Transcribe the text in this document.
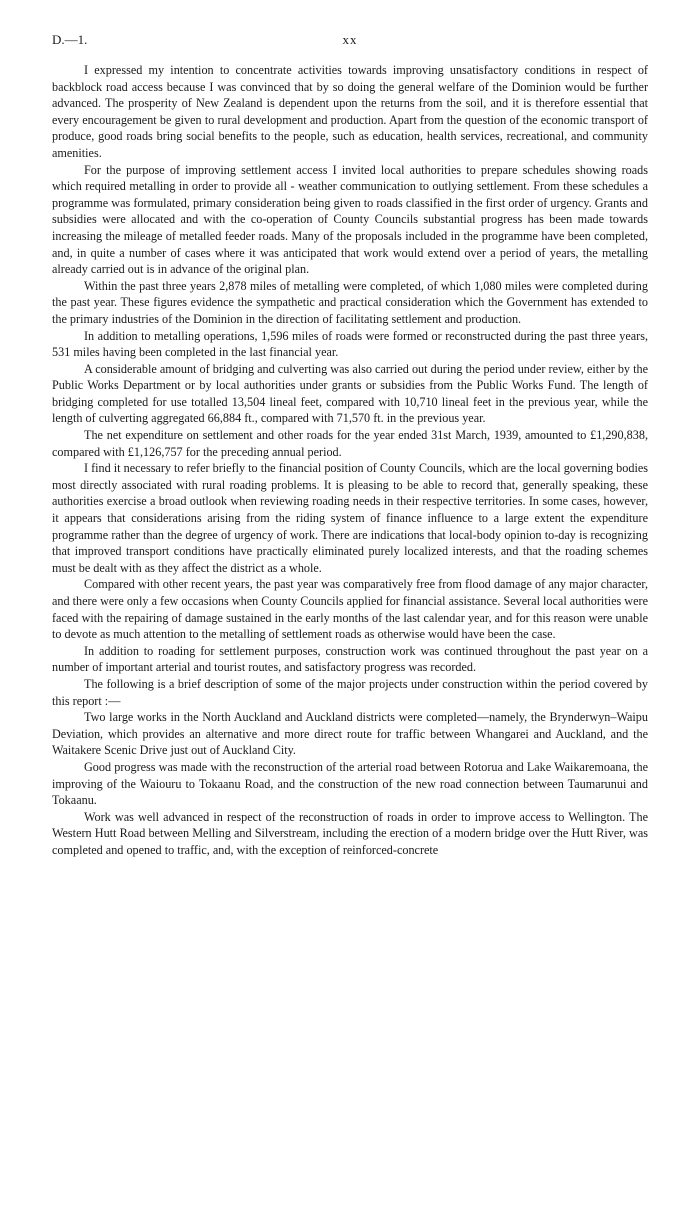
D.—1.	xx

I expressed my intention to concentrate activities towards improving unsatisfactory conditions in respect of backblock road access because I was convinced that by so doing the general welfare of the Dominion would be further advanced. The prosperity of New Zealand is dependent upon the returns from the soil, and it is therefore essential that every encouragement be given to rural development and production. Apart from the question of the economic transport of produce, good roads bring social benefits to the people, such as education, health services, recreational, and community amenities.

For the purpose of improving settlement access I invited local authorities to prepare schedules showing roads which required metalling in order to provide all - weather communication to outlying settlement. From these schedules a programme was formulated, primary consideration being given to roads classified in the first order of urgency. Grants and subsidies were allocated and with the co-operation of County Councils substantial progress has been made towards increasing the mileage of metalled feeder roads. Many of the proposals included in the programme have been completed, and, in quite a number of cases where it was anticipated that work would extend over a period of years, the metalling already carried out is in advance of the original plan.

Within the past three years 2,878 miles of metalling were completed, of which 1,080 miles were completed during the past year. These figures evidence the sympathetic and practical consideration which the Government has extended to the primary industries of the Dominion in the direction of facilitating settlement and production.

In addition to metalling operations, 1,596 miles of roads were formed or reconstructed during the past three years, 531 miles having been completed in the last financial year.

A considerable amount of bridging and culverting was also carried out during the period under review, either by the Public Works Department or by local authorities under grants or subsidies from the Public Works Fund. The length of bridging completed for use totalled 13,504 lineal feet, compared with 10,710 lineal feet in the previous year, while the length of culverting aggregated 66,884 ft., compared with 71,570 ft. in the previous year.

The net expenditure on settlement and other roads for the year ended 31st March, 1939, amounted to £1,290,838, compared with £1,126,757 for the preceding annual period.

I find it necessary to refer briefly to the financial position of County Councils, which are the local governing bodies most directly associated with rural roading problems. It is pleasing to be able to record that, generally speaking, these authorities exercise a broad outlook when reviewing roading needs in their respective territories. In some cases, however, it appears that considerations arising from the riding system of finance influence to a large extent the expenditure programme rather than the degree of urgency of work. There are indications that local-body opinion to-day is recognizing that improved transport conditions have practically eliminated purely localized interests, and that the roading schemes must be dealt with as they affect the district as a whole.

Compared with other recent years, the past year was comparatively free from flood damage of any major character, and there were only a few occasions when County Councils applied for financial assistance. Several local authorities were faced with the repairing of damage sustained in the early months of the last calendar year, and for this reason were unable to devote as much attention to the metalling of settlement roads as otherwise would have been the case.

In addition to roading for settlement purposes, construction work was continued throughout the past year on a number of important arterial and tourist routes, and satisfactory progress was recorded.

The following is a brief description of some of the major projects under construction within the period covered by this report :—

Two large works in the North Auckland and Auckland districts were completed—namely, the Brynderwyn–Waipu Deviation, which provides an alternative and more direct route for traffic between Whangarei and Auckland, and the Waitakere Scenic Drive just out of Auckland City.

Good progress was made with the reconstruction of the arterial road between Rotorua and Lake Waikaremoana, the improving of the Waiouru to Tokaanu Road, and the construction of the new road connection between Taumarunui and Tokaanu.

Work was well advanced in respect of the reconstruction of roads in order to improve access to Wellington. The Western Hutt Road between Melling and Silverstream, including the erection of a modern bridge over the Hutt River, was completed and opened to traffic, and, with the exception of reinforced-concrete
